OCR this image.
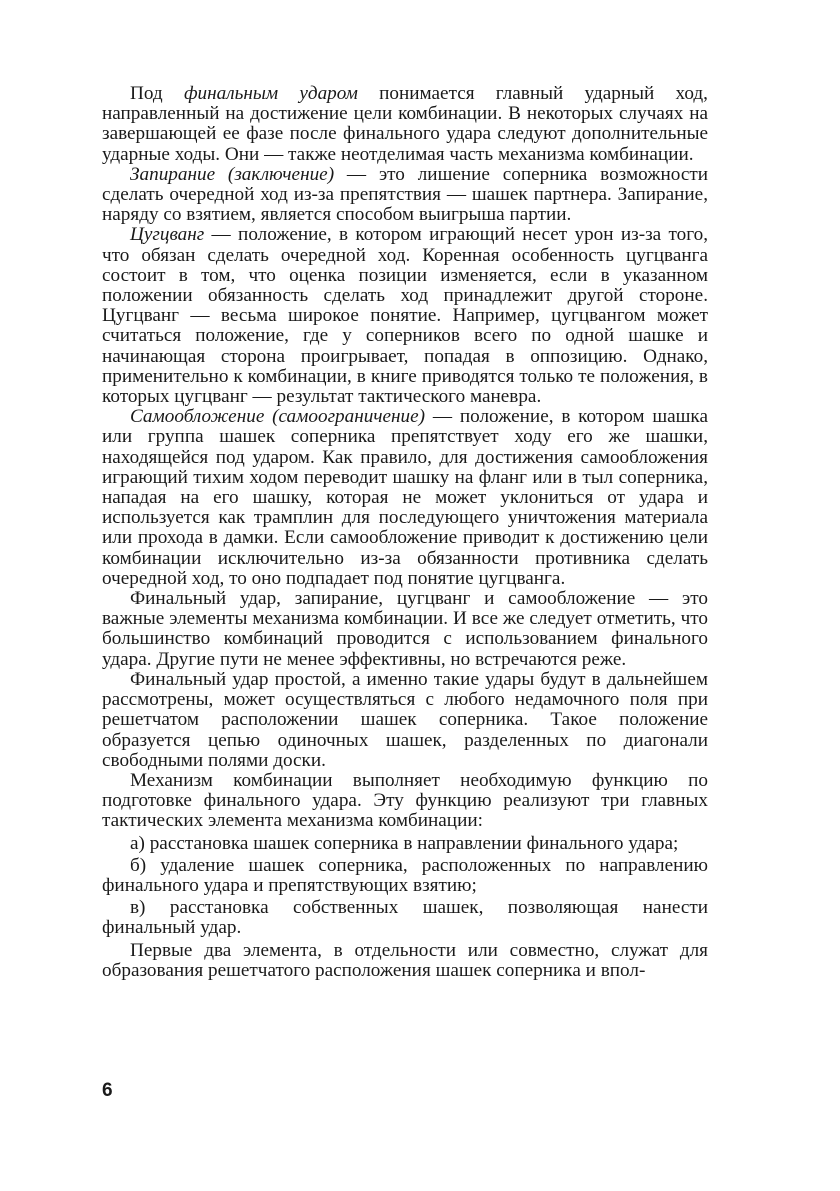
Под финальным ударом понимается главный ударный ход, направленный на достижение цели комбинации. В некоторых случаях на завершающей ее фазе после финального удара следуют дополнительные ударные ходы. Они — также неотделимая часть механизма комбинации.

Запирание (заключение) — это лишение соперника возможности сделать очередной ход из-за препятствия — шашек партнера. Запирание, наряду со взятием, является способом выигрыша партии.

Цугцванг — положение, в котором играющий несет урон из-за того, что обязан сделать очередной ход. Коренная особенность цугцванга состоит в том, что оценка позиции изменяется, если в указанном положении обязанность сделать ход принадлежит другой стороне. Цугцванг — весьма широкое понятие. Например, цугцвангом может считаться положение, где у соперников всего по одной шашке и начинающая сторона проигрывает, попадая в оппозицию. Однако, применительно к комбинации, в книге приводятся только те положения, в которых цугцванг — результат тактического маневра.

Самообложение (самоограничение) — положение, в котором шашка или группа шашек соперника препятствует ходу его же шашки, находящейся под ударом. Как правило, для достижения самообложения играющий тихим ходом переводит шашку на фланг или в тыл соперника, нападая на его шашку, которая не может уклониться от удара и используется как трамплин для последующего уничтожения материала или прохода в дамки. Если самообложение приводит к достижению цели комбинации исключительно из-за обязанности противника сделать очередной ход, то оно подпадает под понятие цугцванга.

Финальный удар, запирание, цугцванг и самообложение — это важные элементы механизма комбинации. И все же следует отметить, что большинство комбинаций проводится с использованием финального удара. Другие пути не менее эффективны, но встречаются реже.

Финальный удар простой, а именно такие удары будут в дальнейшем рассмотрены, может осуществляться с любого недамочного поля при решетчатом расположении шашек соперника. Такое положение образуется цепью одиночных шашек, разделенных по диагонали свободными полями доски.

Механизм комбинации выполняет необходимую функцию по подготовке финального удара. Эту функцию реализуют три главных тактических элемента механизма комбинации:

а) расстановка шашек соперника в направлении финального удара;

б) удаление шашек соперника, расположенных по направлению финального удара и препятствующих взятию;

в) расстановка собственных шашек, позволяющая нанести финальный удар.

Первые два элемента, в отдельности или совместно, служат для образования решетчатого расположения шашек соперника и впол-

6
